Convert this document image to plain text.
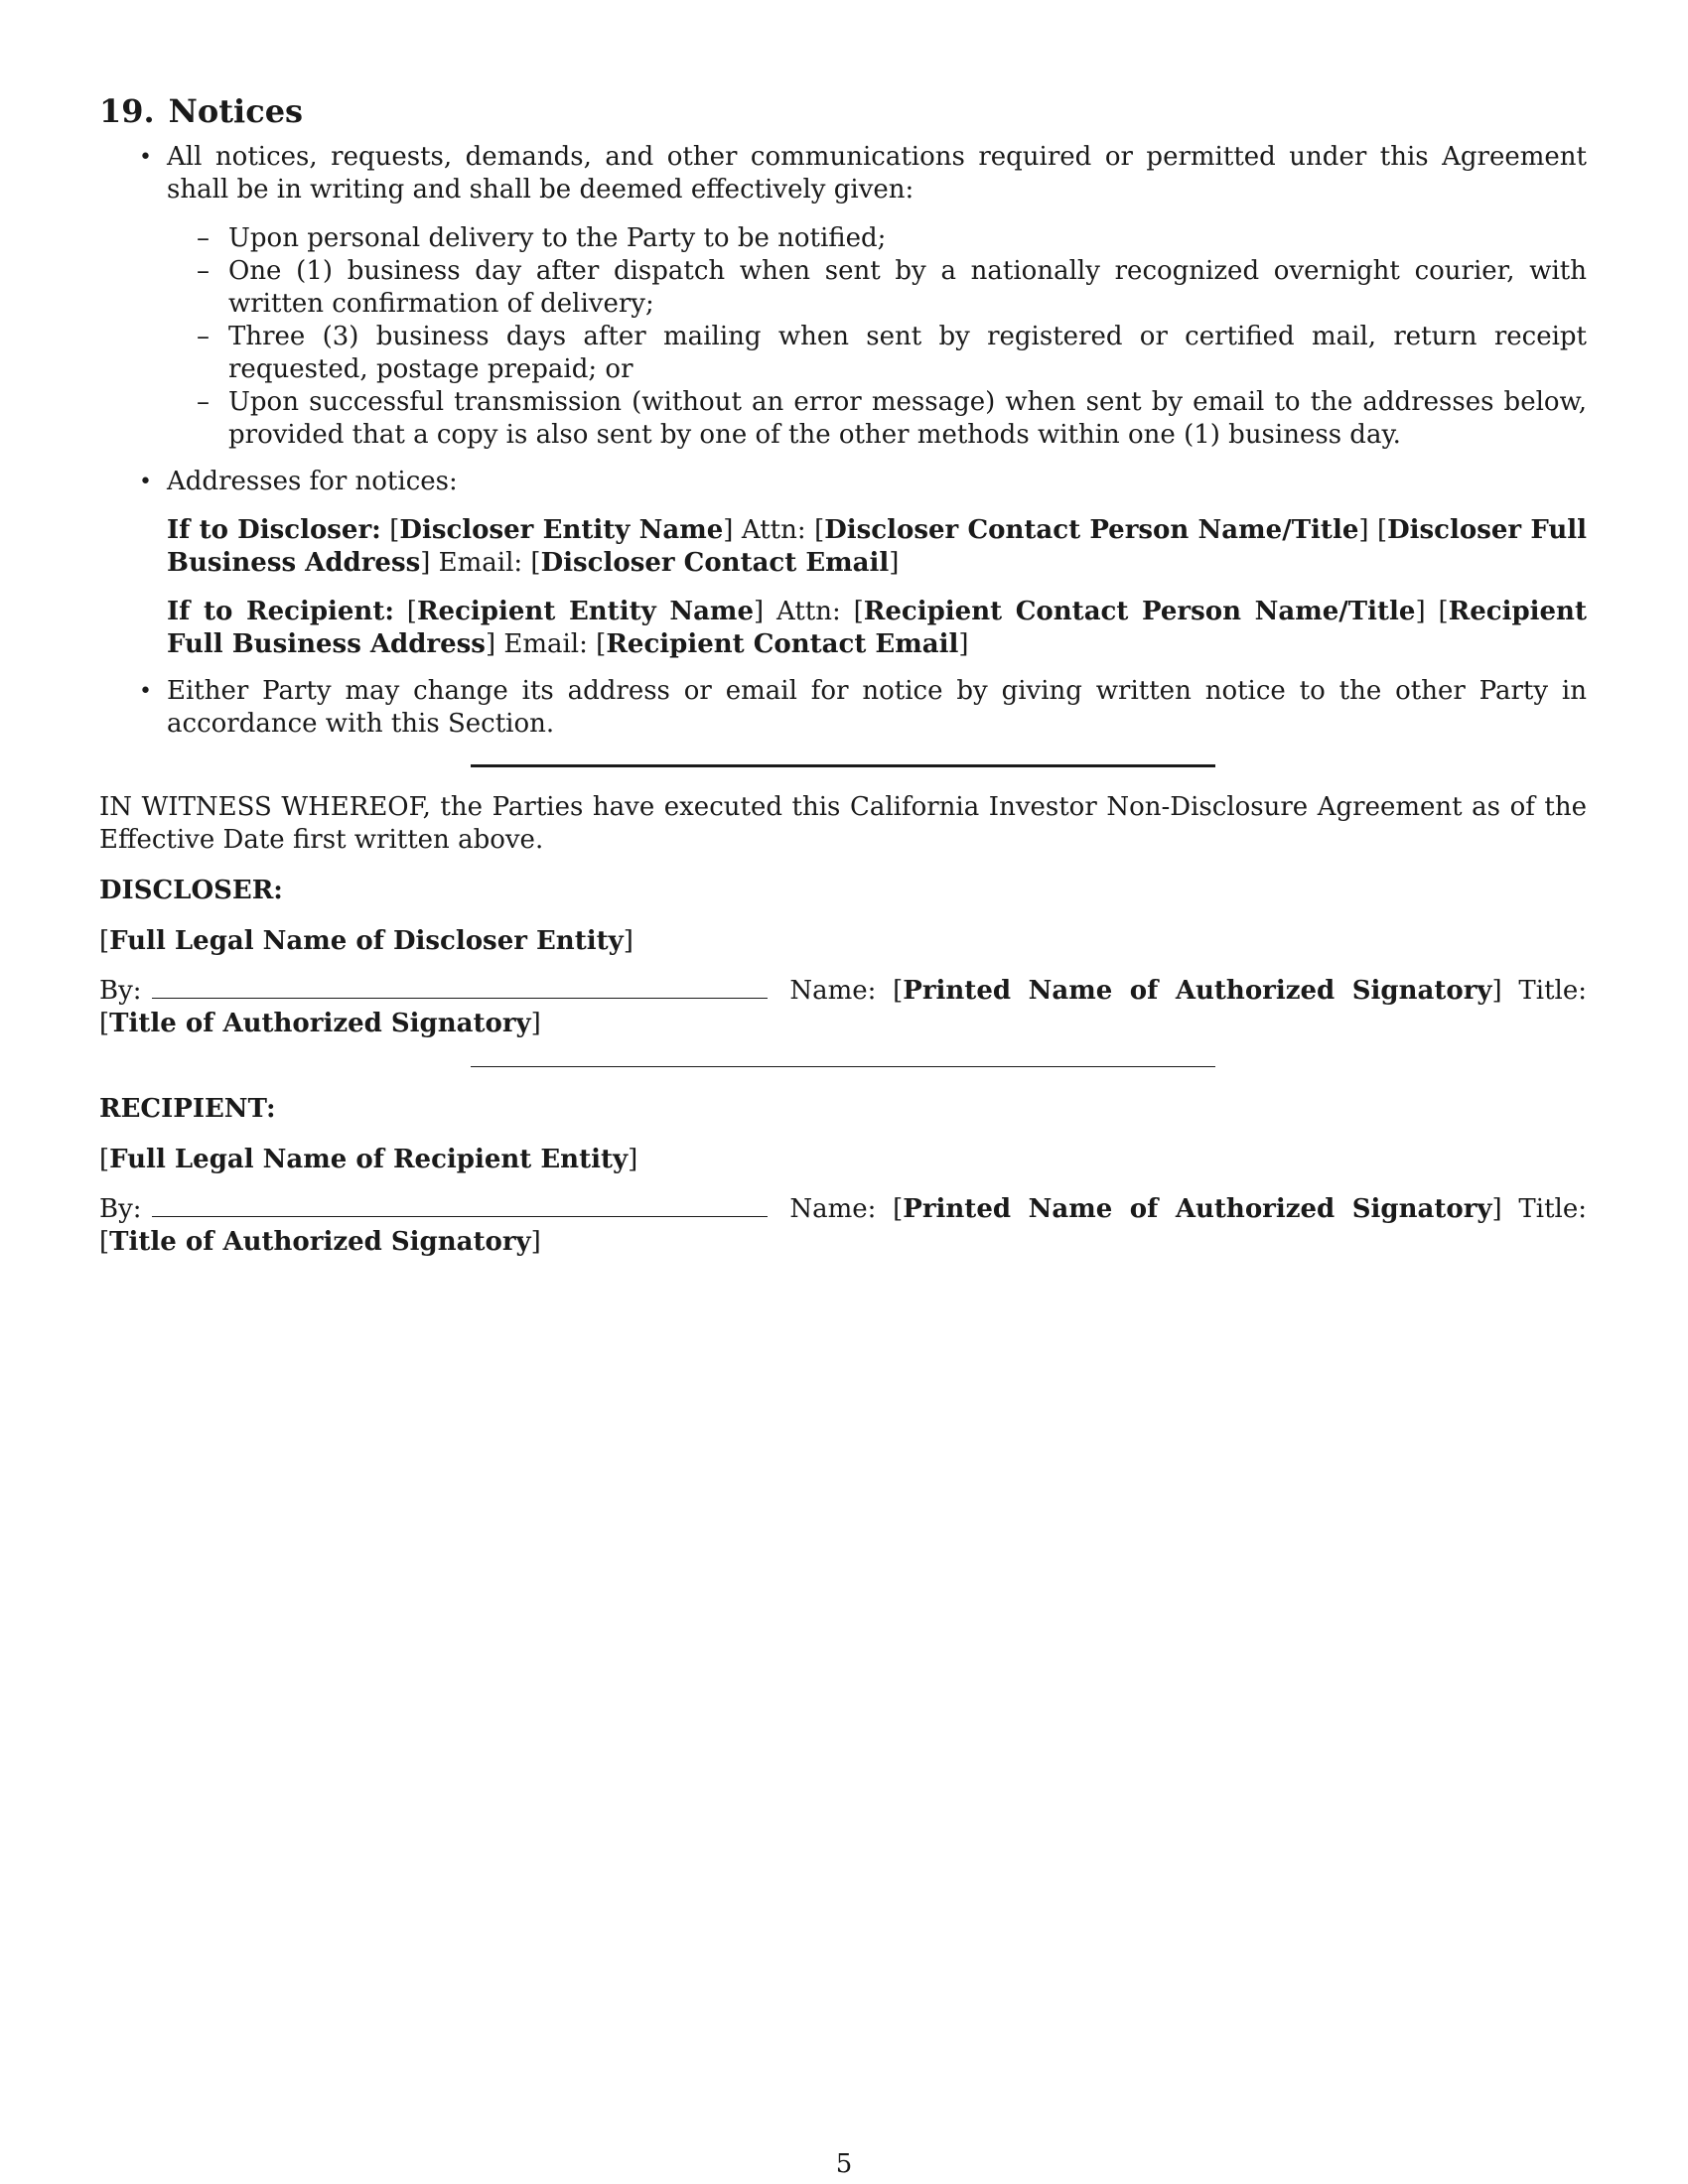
19. Notices
• All notices, requests, demands, and other communications required or permitted under this Agreement shall be in writing and shall be deemed effectively given:
– Upon personal delivery to the Party to be notified;
– One (1) business day after dispatch when sent by a nationally recognized overnight courier, with written confirmation of delivery;
– Three (3) business days after mailing when sent by registered or certified mail, return receipt requested, postage prepaid; or
– Upon successful transmission (without an error message) when sent by email to the addresses below, provided that a copy is also sent by one of the other methods within one (1) business day.
• Addresses for notices:
If to Discloser: [Discloser Entity Name] Attn: [Discloser Contact Person Name/Title] [Discloser Full Business Address] Email: [Discloser Contact Email]
If to Recipient: [Recipient Entity Name] Attn: [Recipient Contact Person Name/Title] [Recipient Full Business Address] Email: [Recipient Contact Email]
• Either Party may change its address or email for notice by giving written notice to the other Party in accordance with this Section.

IN WITNESS WHEREOF, the Parties have executed this California Investor Non-Disclosure Agreement as of the Effective Date first written above.

DISCLOSER:
[Full Legal Name of Discloser Entity]
By:	Name: [Printed Name of Authorized Signatory] Title: [Title of Authorized Signatory]
RECIPIENT:
[Full Legal Name of Recipient Entity]
By:	Name: [Printed Name of Authorized Signatory] Title: [Title of Authorized Signatory]
5
